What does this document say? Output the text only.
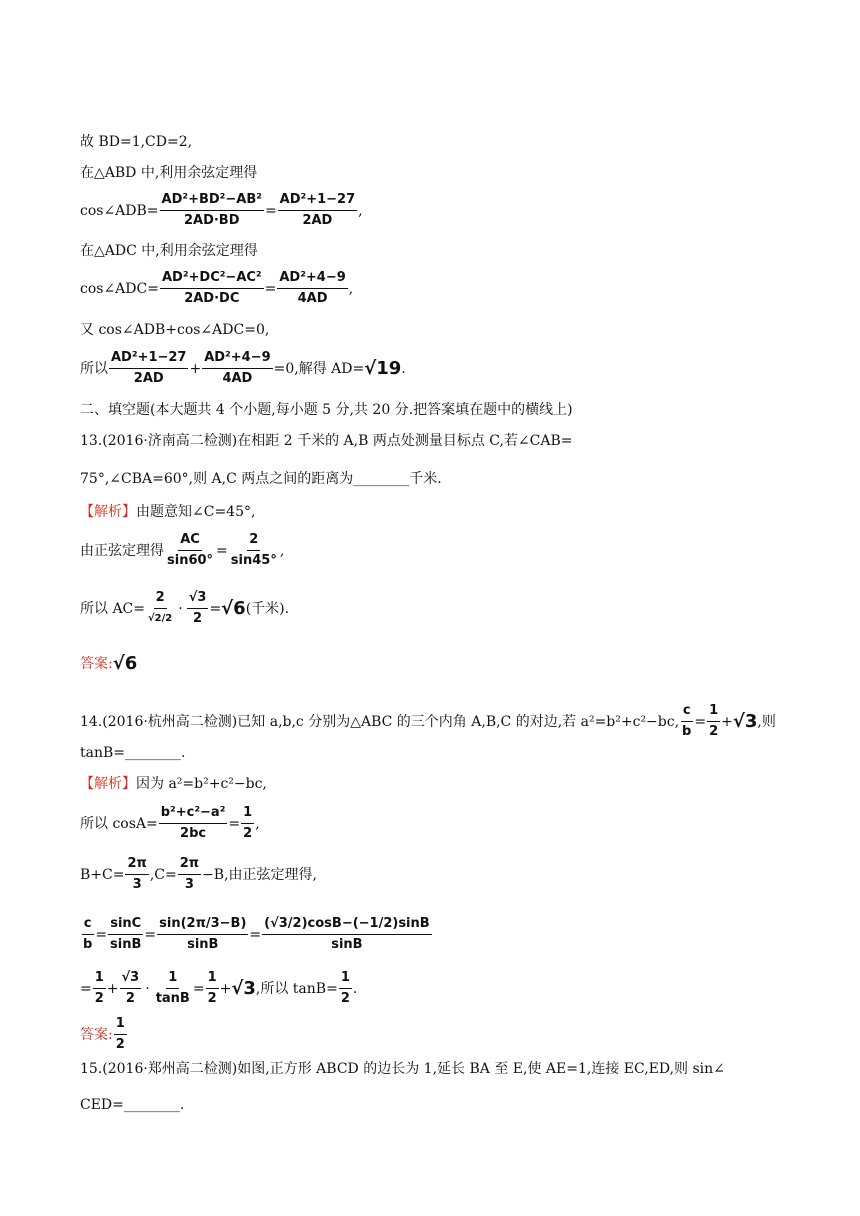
故 BD=1,CD=2,
在△ABD 中,利用余弦定理得
cos∠ADB= $\frac{\text{AD²+BD²−AB²}}{2AD\cdot BD} = \frac{\text{AD²+1−27}}{2AD}$ ,
在△ADC 中,利用余弦定理得
cos∠ADC= $\frac{\text{AD²+DC²−AC²}}{2AD\cdot DC} = \frac{\text{AD²+4−9}}{4AD}$ ,
又 cos∠ADB+cos∠ADC=0,
所以 $\frac{\text{AD²+1−27}}{2AD} + \frac{\text{AD²+4−9}}{4AD} =0$,解得 AD= √19 .
二、填空题(本大题共 4 个小题,每小题 5 分,共 20 分.把答案填在题中的横线上)
13.(2016·济南高二检测)在相距 2 千米的 A,B 两点处测量目标点 C,若∠CAB=
75°,∠CBA=60°,则 A,C 两点之间的距离为________千米.
【解析】 由题意知∠C=45°,
由正弦定理得 $\frac{AC}{\sin 60^\circ} = \frac{2}{\sin 45^\circ}$ ,
所以 $AC= \frac{2}{√2/2} \cdot \frac{√3}{2} = √6$ (千米).
答案: √6
14.(2016·杭州高二检测)已知 a,b,c 分别为△ABC 的三个内角 A,B,C 的对边,若 a²=b²+c²−bc, $\frac{c}{b} = \frac{1}{2} + √3$ ,则
tanB=________.
【解析】 因为 a²=b²+c²−bc,
所以 $\cos A= \frac{\text{b²+c²−a²}}{2bc} = \frac{1}{2}$ ,
$B+C= \frac{2\pi}{3} ,C= \frac{2\pi}{3} -B$,由正弦定理得,
$\frac{c}{b} = \frac{\sin C}{\sin B} = \frac{\sin(2\pi/3-B)}{\sin B} = \frac{(√3/2)\cos B-(-1/2)\sin B}{\sin B}$
= $\frac{1}{2} + \frac{√3}{2} \cdot \frac{1}{\tan B} = \frac{1}{2} + √3$ ,所以 $\tan B= \frac{1}{2}$ .
答案: $\frac{1}{2}$
15.(2016·郑州高二检测)如图,正方形 ABCD 的边长为 1,延长 BA 至 E,使 AE=1,连接 EC,ED,则 sin∠
CED=________.
